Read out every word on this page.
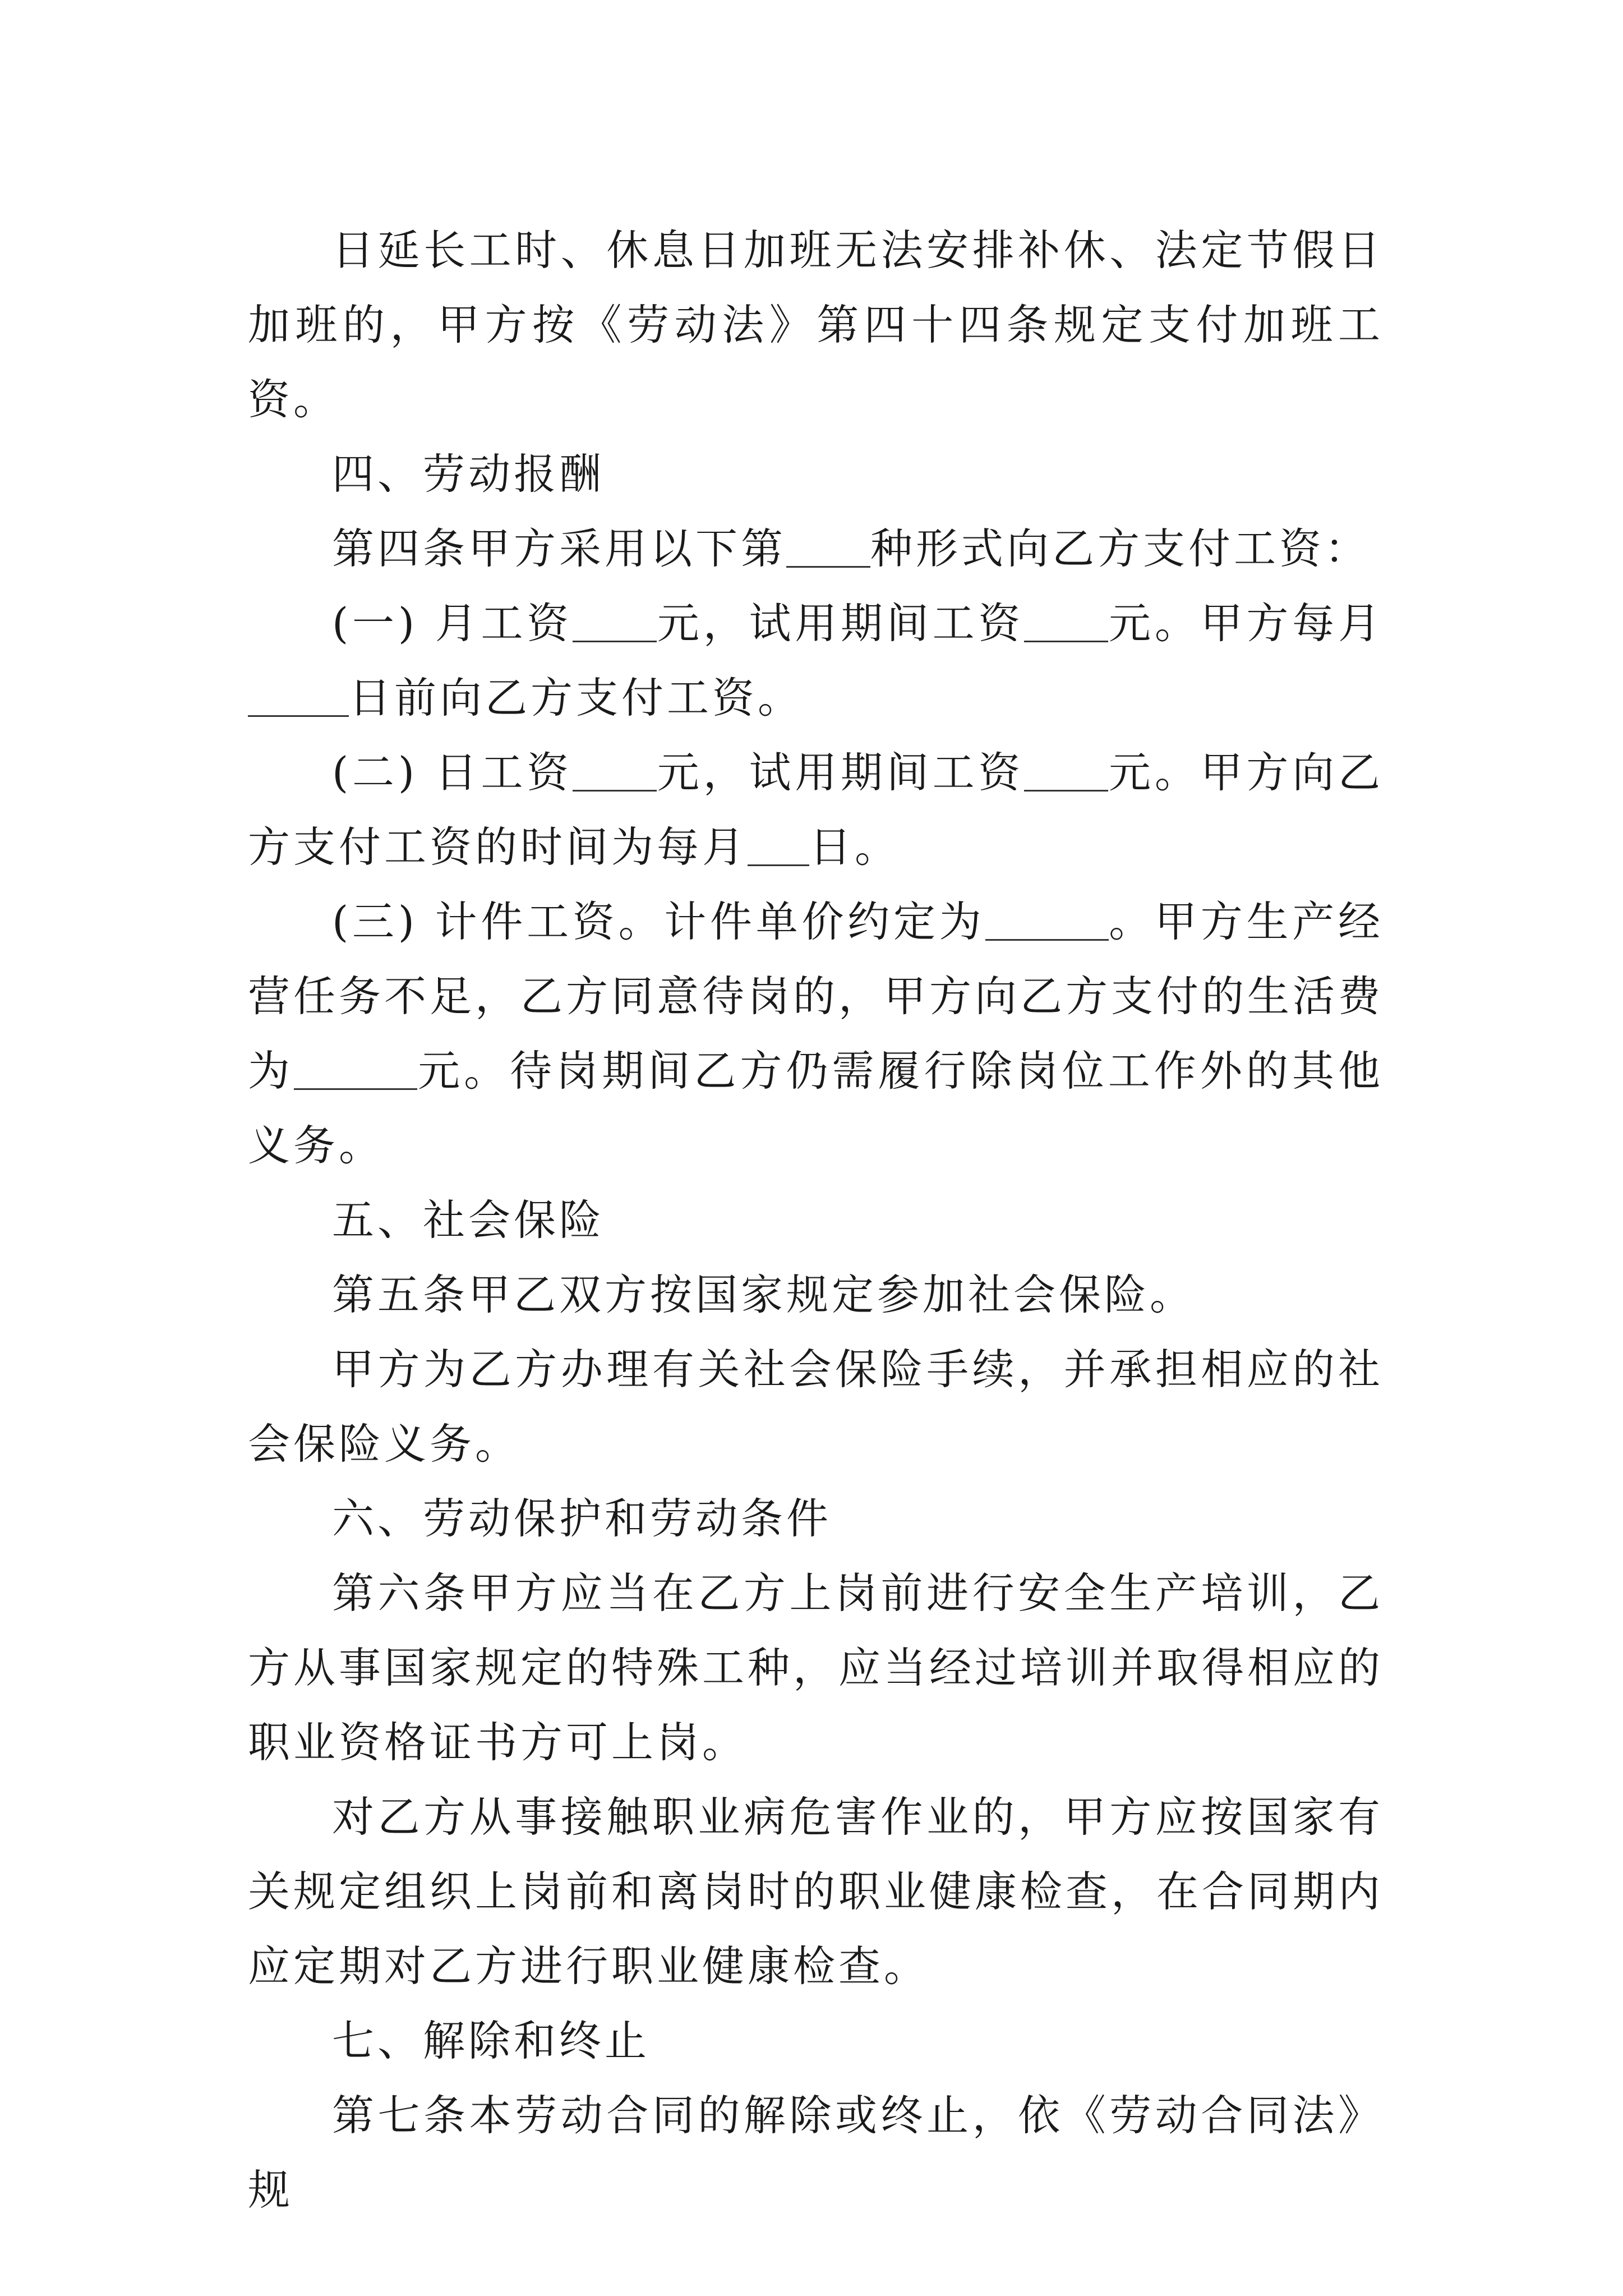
日延长工时、休息日加班无法安排补休、法定节假日加班的，甲方按《劳动法》第四十四条规定支付加班工资。

四、劳动报酬

第四条甲方采用以下第 种形式向乙方支付工资：

(一) 月工资 元，试用期间工资 元。甲方每月日前向乙方支付工资。

(二) 日工资 元，试用期间工资 元。甲方向乙方支付工资的时间为每月 日。

(三) 计件工资。计件单价约定为	。甲方生产经营任务不足，乙方同意待岗的，甲方向乙方支付的生活费为	元。待岗期间乙方仍需履行除岗位工作外的其他义务。

五、社会保险

第五条甲乙双方按国家规定参加社会保险。

甲方为乙方办理有关社会保险手续，并承担相应的社会保险义务。

六、劳动保护和劳动条件

第六条甲方应当在乙方上岗前进行安全生产培训，乙方从事国家规定的特殊工种，应当经过培训并取得相应的职业资格证书方可上岗。

对乙方从事接触职业病危害作业的，甲方应按国家有关规定组织上岗前和离岗时的职业健康检查，在合同期内应定期对乙方进行职业健康检查。

七、解除和终止

第七条本劳动合同的解除或终止，依《劳动合同法》规
